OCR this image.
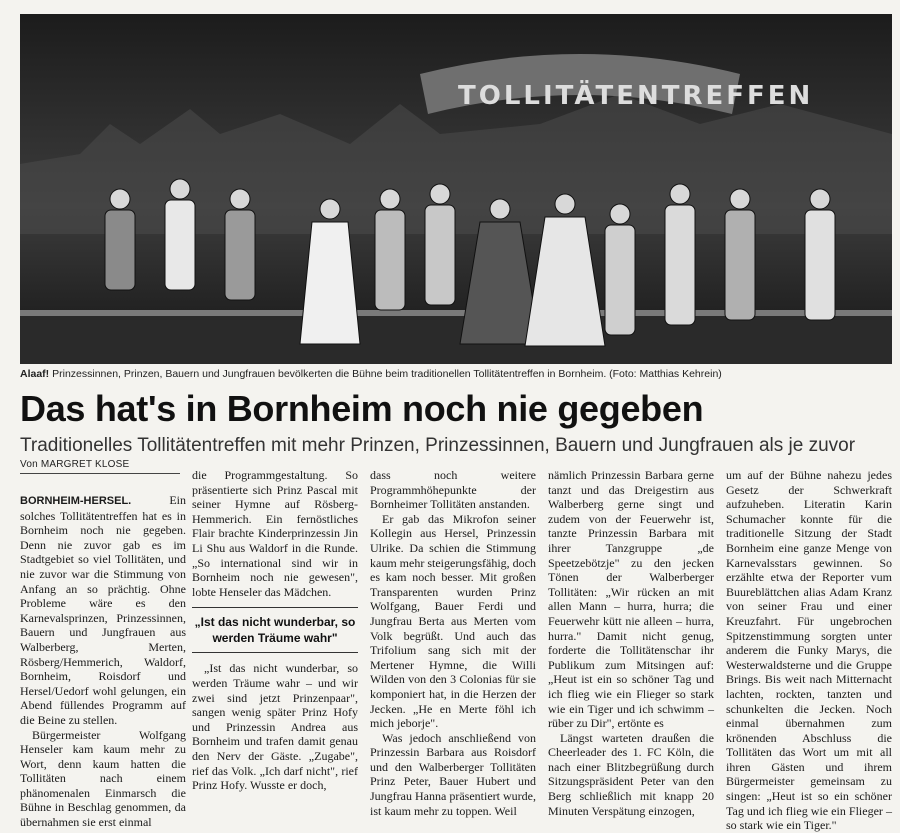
TOLLITÄTENTREFFEN
Alaaf! Prinzessinnen, Prinzen, Bauern und Jungfrauen bevölkerten die Bühne beim traditionellen Tollitätentreffen in Bornheim. (Foto: Matthias Kehrein)
Das hat's in Bornheim noch nie gegeben
Traditionelles Tollitätentreffen mit mehr Prinzen, Prinzessinnen, Bauern und Jungfrauen als je zuvor
Von MARGRET KLOSE

BORNHEIM-HERSEL. Ein solches Tollitätentreffen hat es in Bornheim noch nie gegeben. Denn nie zuvor gab es im Stadtgebiet so viel Tollitäten, und nie zuvor war die Stimmung von Anfang an so prächtig. Ohne Probleme wäre es den Karnevalsprinzen, Prinzessinnen, Bauern und Jungfrauen aus Walberberg, Merten, Rösberg/Hemmerich, Waldorf, Bornheim, Roisdorf und Hersel/Uedorf wohl gelungen, ein Abend füllendes Programm auf die Beine zu stellen.

Bürgermeister Wolfgang Henseler kam kaum mehr zu Wort, denn kaum hatten die Tollitäten nach einem phänomenalen Einmarsch die Bühne in Beschlag genommen, da übernahmen sie erst einmal

die Programmgestaltung. So präsentierte sich Prinz Pascal mit seiner Hymne auf Rösberg-Hemmerich. Ein fernöstliches Flair brachte Kinderprinzessin Jin Li Shu aus Waldorf in die Runde. „So international sind wir in Bornheim noch nie gewesen", lobte Henseler das Mädchen.

„Ist das nicht wunderbar, so werden Träume wahr"

„Ist das nicht wunderbar, so werden Träume wahr – und wir zwei sind jetzt Prinzenpaar", sangen wenig später Prinz Hofy und Prinzessin Andrea aus Bornheim und trafen damit genau den Nerv der Gäste. „Zugabe", rief das Volk. „Ich darf nicht", rief Prinz Hofy. Wusste er doch,

dass noch weitere Programmhöhepunkte der Bornheimer Tollitäten anstanden.

Er gab das Mikrofon seiner Kollegin aus Hersel, Prinzessin Ulrike. Da schien die Stimmung kaum mehr steigerungsfähig, doch es kam noch besser. Mit großen Transparenten wurden Prinz Wolfgang, Bauer Ferdi und Jungfrau Berta aus Merten vom Volk begrüßt. Und auch das Trifolium sang sich mit der Mertener Hymne, die Willi Wilden von den 3 Colonias für sie komponiert hat, in die Herzen der Jecken. „He en Merte föhl ich mich jeborje".

Was jedoch anschließend von Prinzessin Barbara aus Roisdorf und den Walberberger Tollitäten Prinz Peter, Bauer Hubert und Jungfrau Hanna präsentiert wurde, ist kaum mehr zu toppen. Weil

nämlich Prinzessin Barbara gerne tanzt und das Dreigestirn aus Walberberg gerne singt und zudem von der Feuerwehr ist, tanzte Prinzessin Barbara mit ihrer Tanzgruppe „de Speetzebötzje" zu den jecken Tönen der Walberberger Tollitäten: „Wir rücken an mit allen Mann – hurra, hurra; die Feuerwehr kütt nie alleen – hurra, hurra." Damit nicht genug, forderte die Tollitätenschar ihr Publikum zum Mitsingen auf: „Heut ist ein so schöner Tag und ich flieg wie ein Flieger so stark wie ein Tiger und ich schwimm – rüber zu Dir", ertönte es

Längst warteten draußen die Cheerleader des 1. FC Köln, die nach einer Blitzbegrüßung durch Sitzungspräsident Peter van den Berg schließlich mit knapp 20 Minuten Verspätung einzogen,

um auf der Bühne nahezu jedes Gesetz der Schwerkraft aufzuheben. Literatin Karin Schumacher konnte für die traditionelle Sitzung der Stadt Bornheim eine ganze Menge von Karnevalsstars gewinnen. So erzählte etwa der Reporter vum Buureblättchen alias Adam Kranz von seiner Frau und einer Kreuzfahrt. Für ungebrochen Spitzenstimmung sorgten unter anderem die Funky Marys, die Westerwaldsterne und die Gruppe Brings. Bis weit nach Mitternacht lachten, rockten, tanzten und schunkelten die Jecken. Noch einmal übernahmen zum krönenden Abschluss die Tollitäten das Wort um mit all ihren Gästen und ihrem Bürgermeister gemeinsam zu singen: „Heut ist so ein schöner Tag und ich flieg wie ein Flieger – so stark wie ein Tiger."
